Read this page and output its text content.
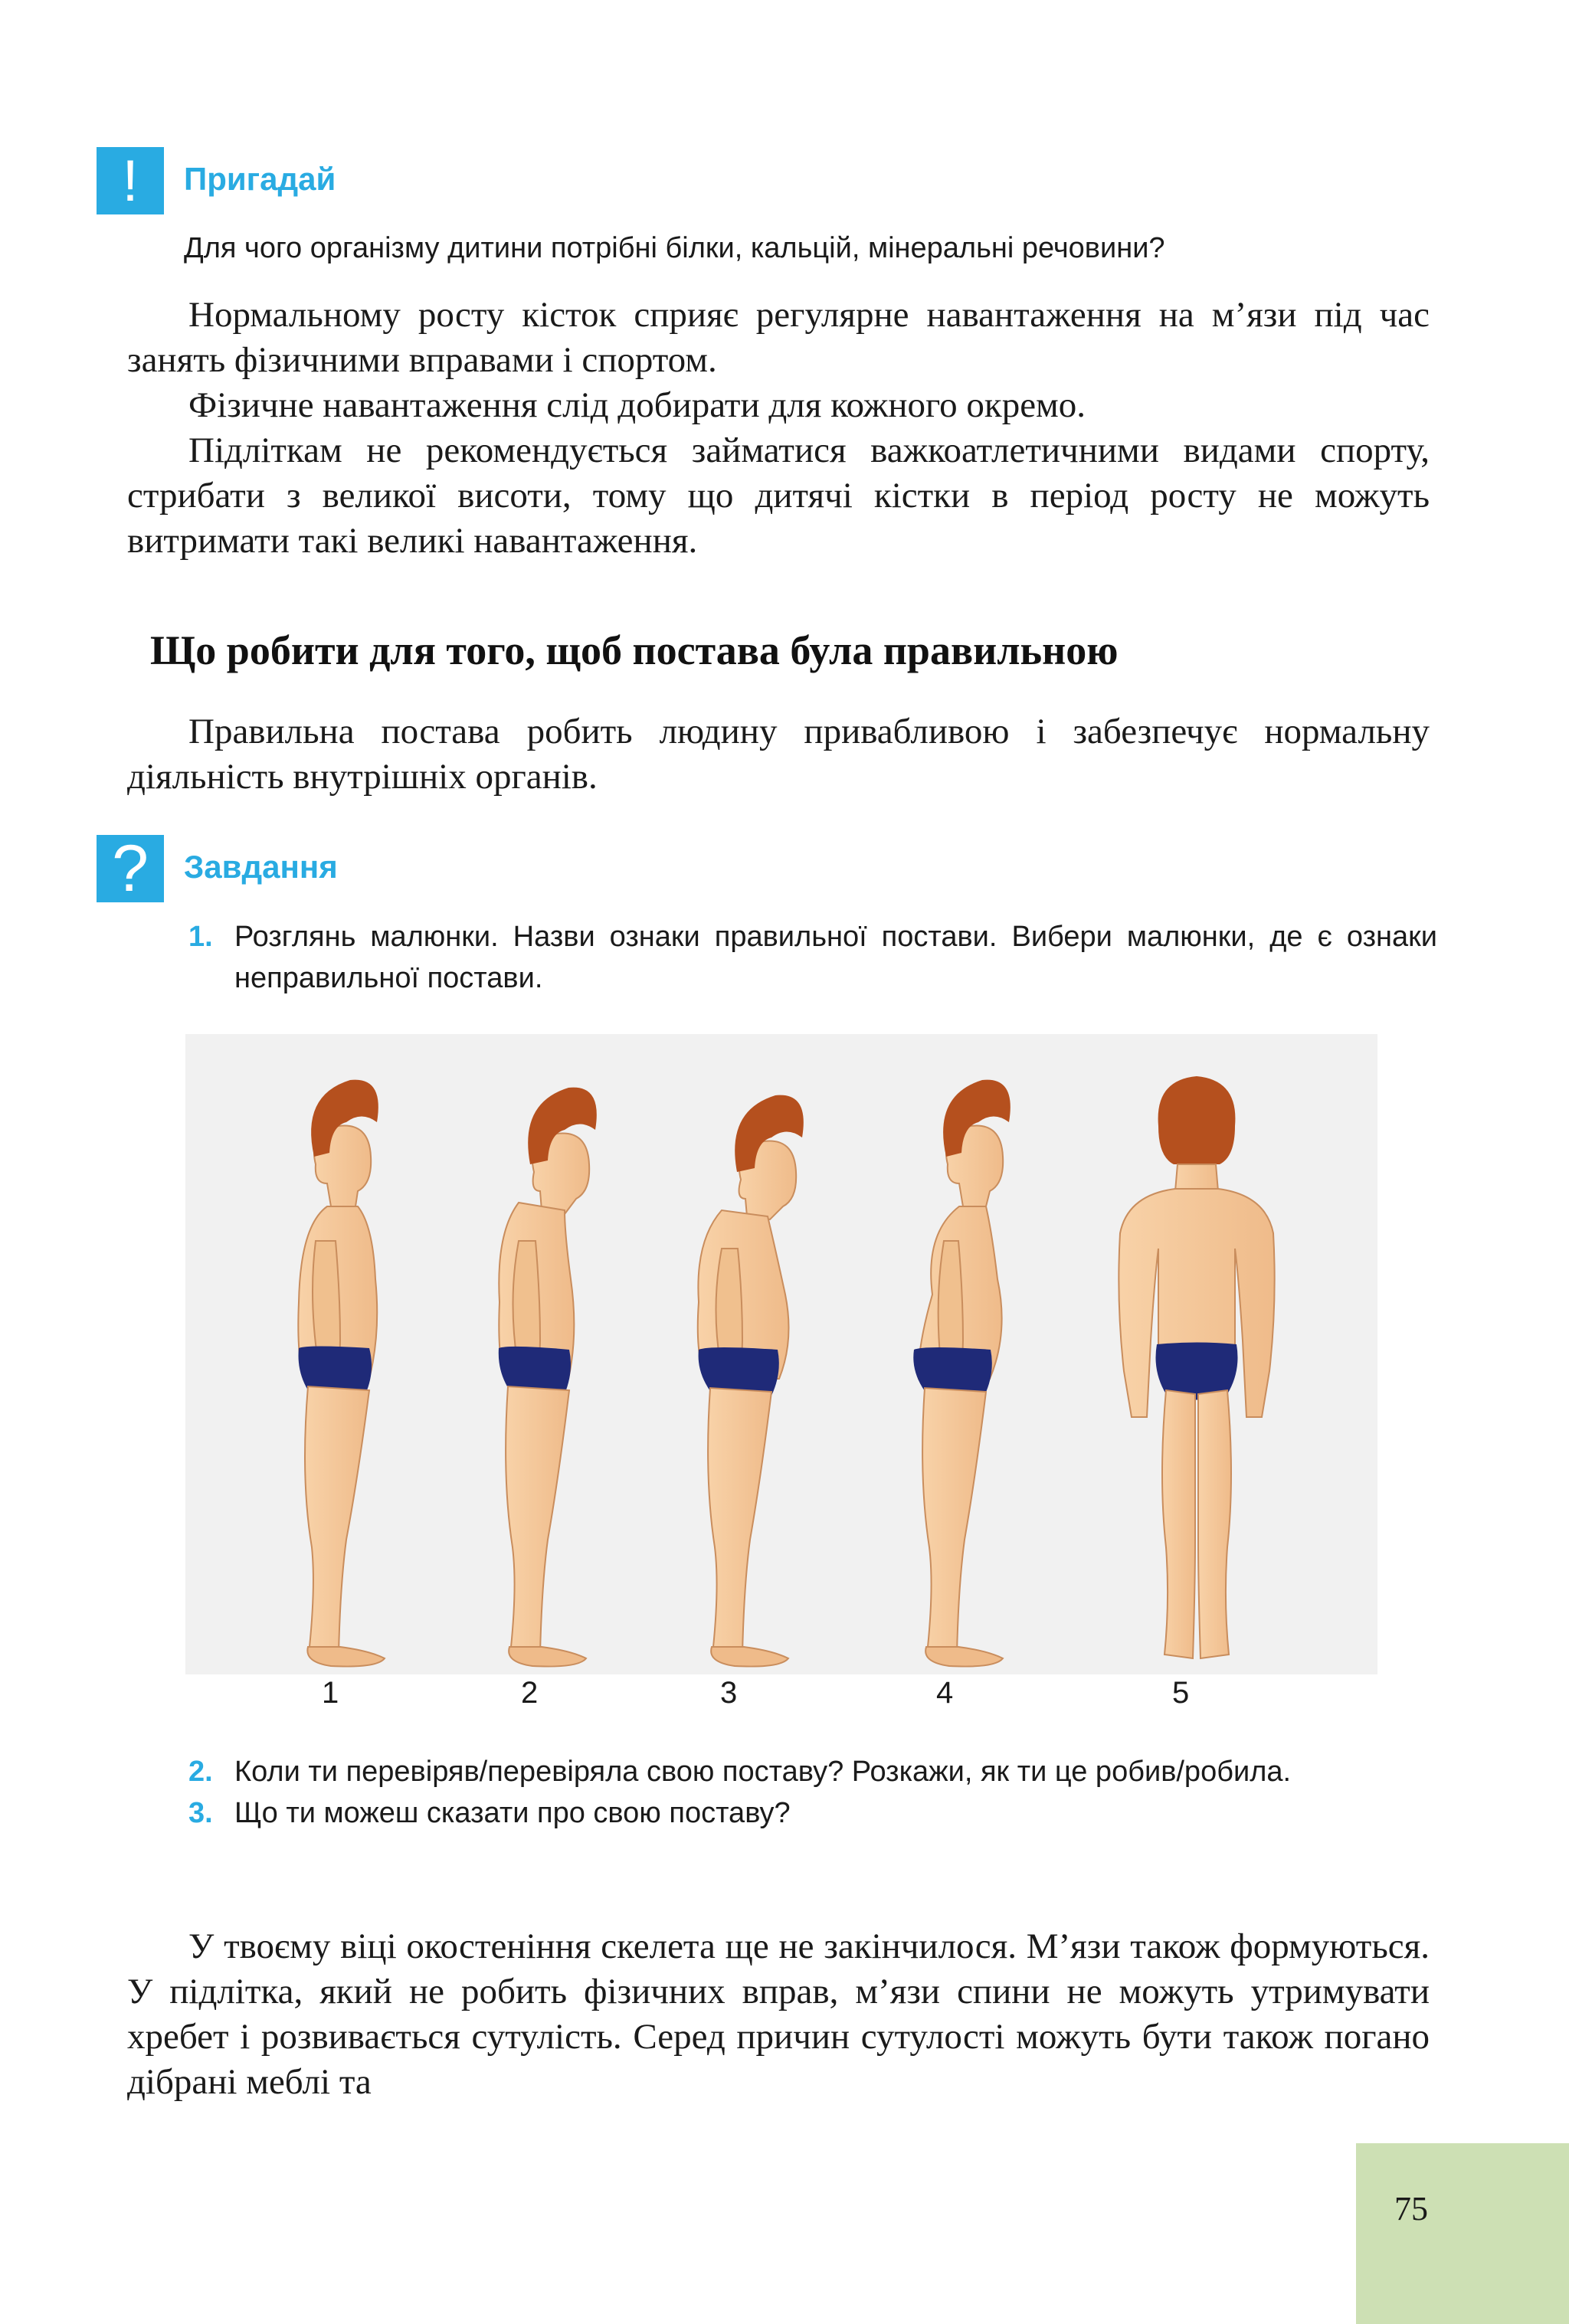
!	Пригадай
Для чого організму дитини потрібні білки, кальцій, мінеральні речовини?

Нормальному росту кісток сприяє регулярне навантаження на м’язи під час занять фізичними вправами і спортом.

Фізичне навантаження слід добирати для кожного окремо.

Підліткам не рекомендується займатися важкоатлетичними видами спорту, стрибати з великої висоти, тому що дитячі кістки в період росту не можуть витримати такі великі навантаження.

Що робити для того, щоб постава була правильною

Правильна постава робить людину привабливою і забезпечує нормальну діяльність внутрішніх органів.

?	Завдання
1. Розглянь малюнки. Назви ознаки правильної постави. Вибери малюнки, де є ознаки неправильної постави.
1	2	3	4	5
2. Коли ти перевіряв/перевіряла свою поставу? Розкажи, як ти це робив/робила.
3. Що ти можеш сказати про свою поставу?

У твоєму віці окостеніння скелета ще не закінчилося. М’язи також формуються. У підлітка, який не робить фізичних вправ, м’язи спини не можуть утримувати хребет і розвивається сутулість. Серед причин сутулості можуть бути також погано дібрані меблі та

75
